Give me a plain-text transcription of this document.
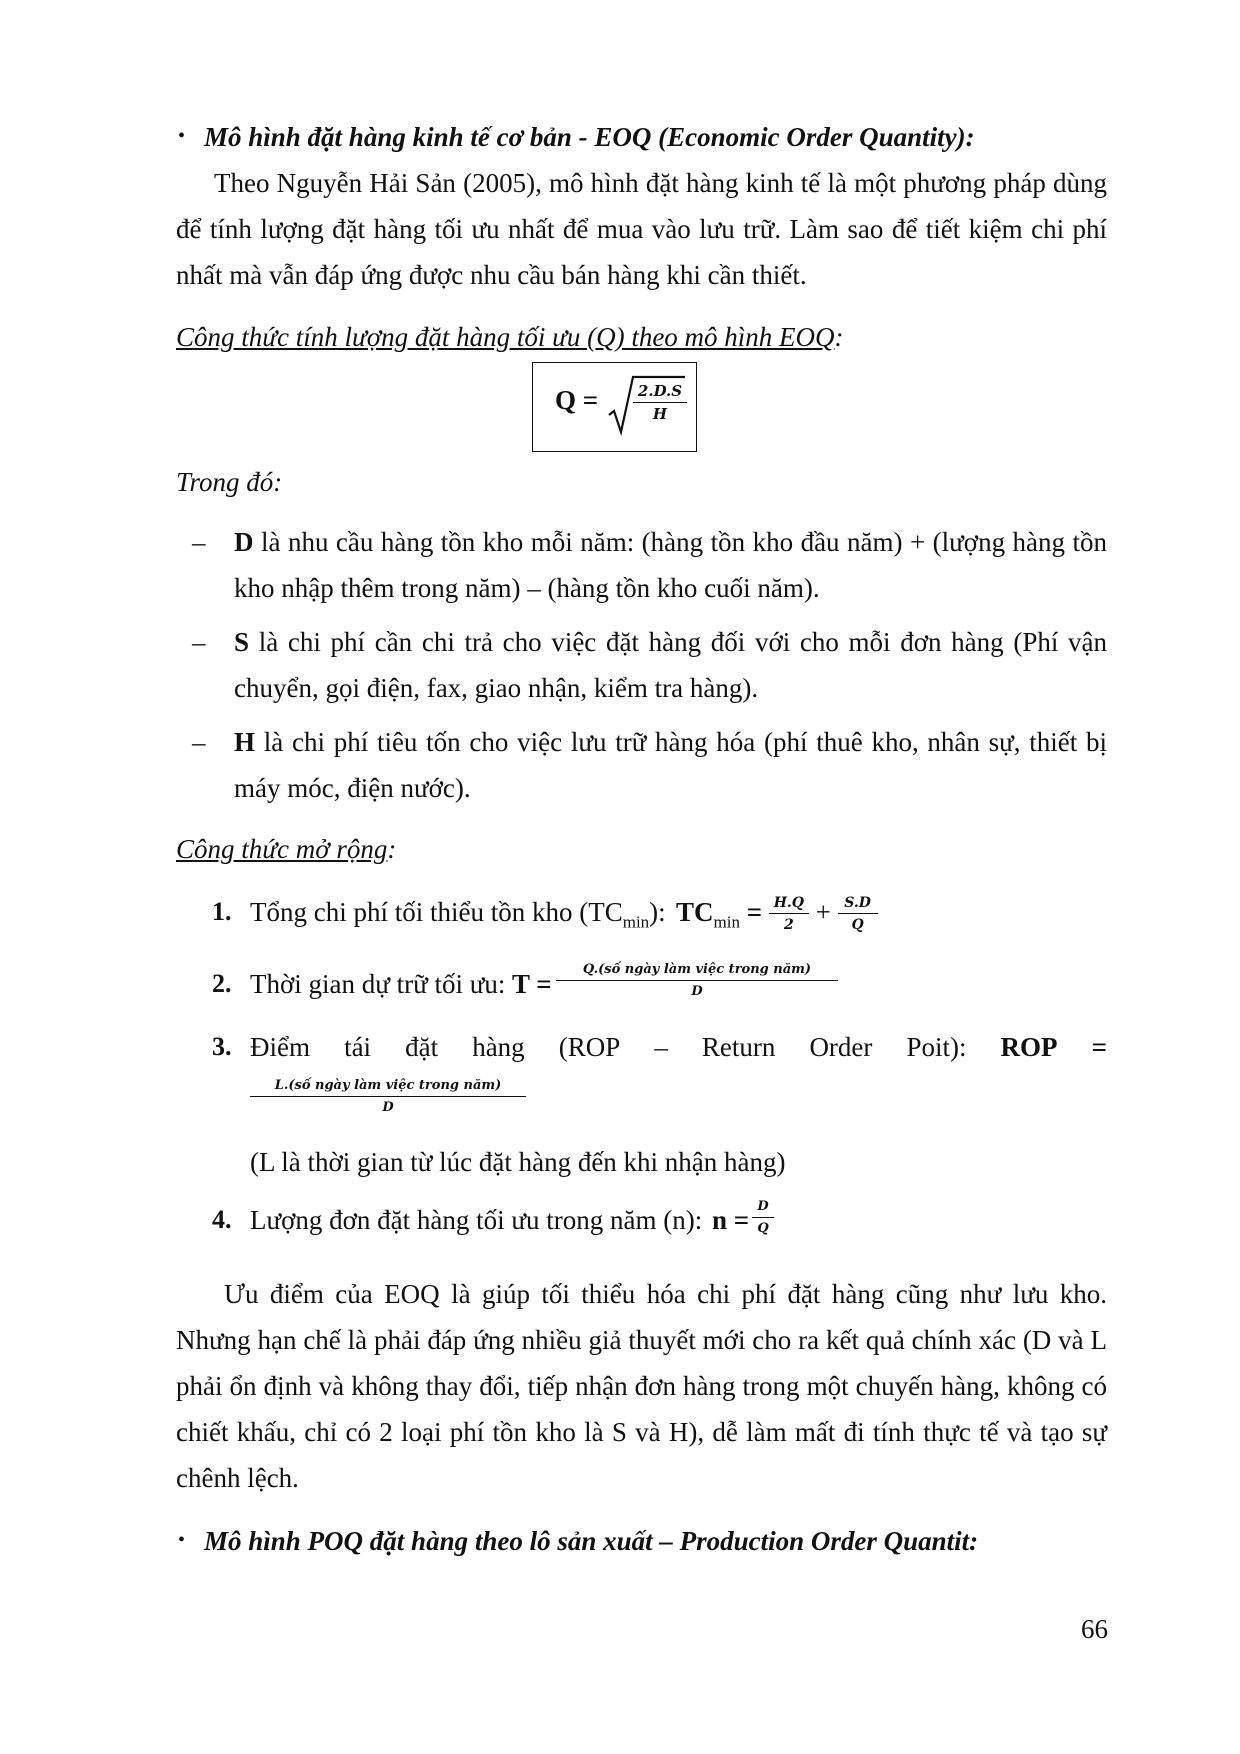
• Mô hình đặt hàng kinh tế cơ bản - EOQ (Economic Order Quantity):
Theo Nguyễn Hải Sản (2005), mô hình đặt hàng kinh tế là một phương pháp dùng
để tính lượng đặt hàng tối ưu nhất để mua vào lưu trữ. Làm sao để tiết kiệm chi phí
nhất mà vẫn đáp ứng được nhu cầu bán hàng khi cần thiết.
Công thức tính lượng đặt hàng tối ưu (Q) theo mô hình EOQ:
$Q = \frac{2.D.S}{H}$
Trong đó:
– D là nhu cầu hàng tồn kho mỗi năm: (hàng tồn kho đầu năm) + (lượng hàng tồn
kho nhập thêm trong năm) – (hàng tồn kho cuối năm).
– S là chi phí cần chi trả cho việc đặt hàng đối với cho mỗi đơn hàng (Phí vận
chuyển, gọi điện, fax, giao nhận, kiểm tra hàng).
– H là chi phí tiêu tốn cho việc lưu trữ hàng hóa (phí thuê kho, nhân sự, thiết bị
máy móc, điện nước).
Công thức mở rộng:
1. Tổng chi phí tối thiểu tồn kho $(TC_{min})$: $TC_{min} = \frac{H.Q}{2} + \frac{S.D}{Q}$
2. Thời gian dự trữ tối ưu: T =	Q.(số ngày làm việc trong năm)
D
3. Điểm tái đặt hàng (ROP – Return Order Poit): ROP =
L.(số ngày làm việc trong năm)
D
(L là thời gian từ lúc đặt hàng đến khi nhận hàng)
4. Lượng đơn đặt hàng tối ưu trong năm (n): $n = \frac{D}{Q}$
Ưu điểm của EOQ là giúp tối thiểu hóa chi phí đặt hàng cũng như lưu kho.
Nhưng hạn chế là phải đáp ứng nhiều giả thuyết mới cho ra kết quả chính xác (D và L
phải ổn định và không thay đổi, tiếp nhận đơn hàng trong một chuyến hàng, không có
chiết khấu, chỉ có 2 loại phí tồn kho là S và H), dễ làm mất đi tính thực tế và tạo sự
chênh lệch.
• Mô hình POQ đặt hàng theo lô sản xuất – Production Order Quantit:
66
